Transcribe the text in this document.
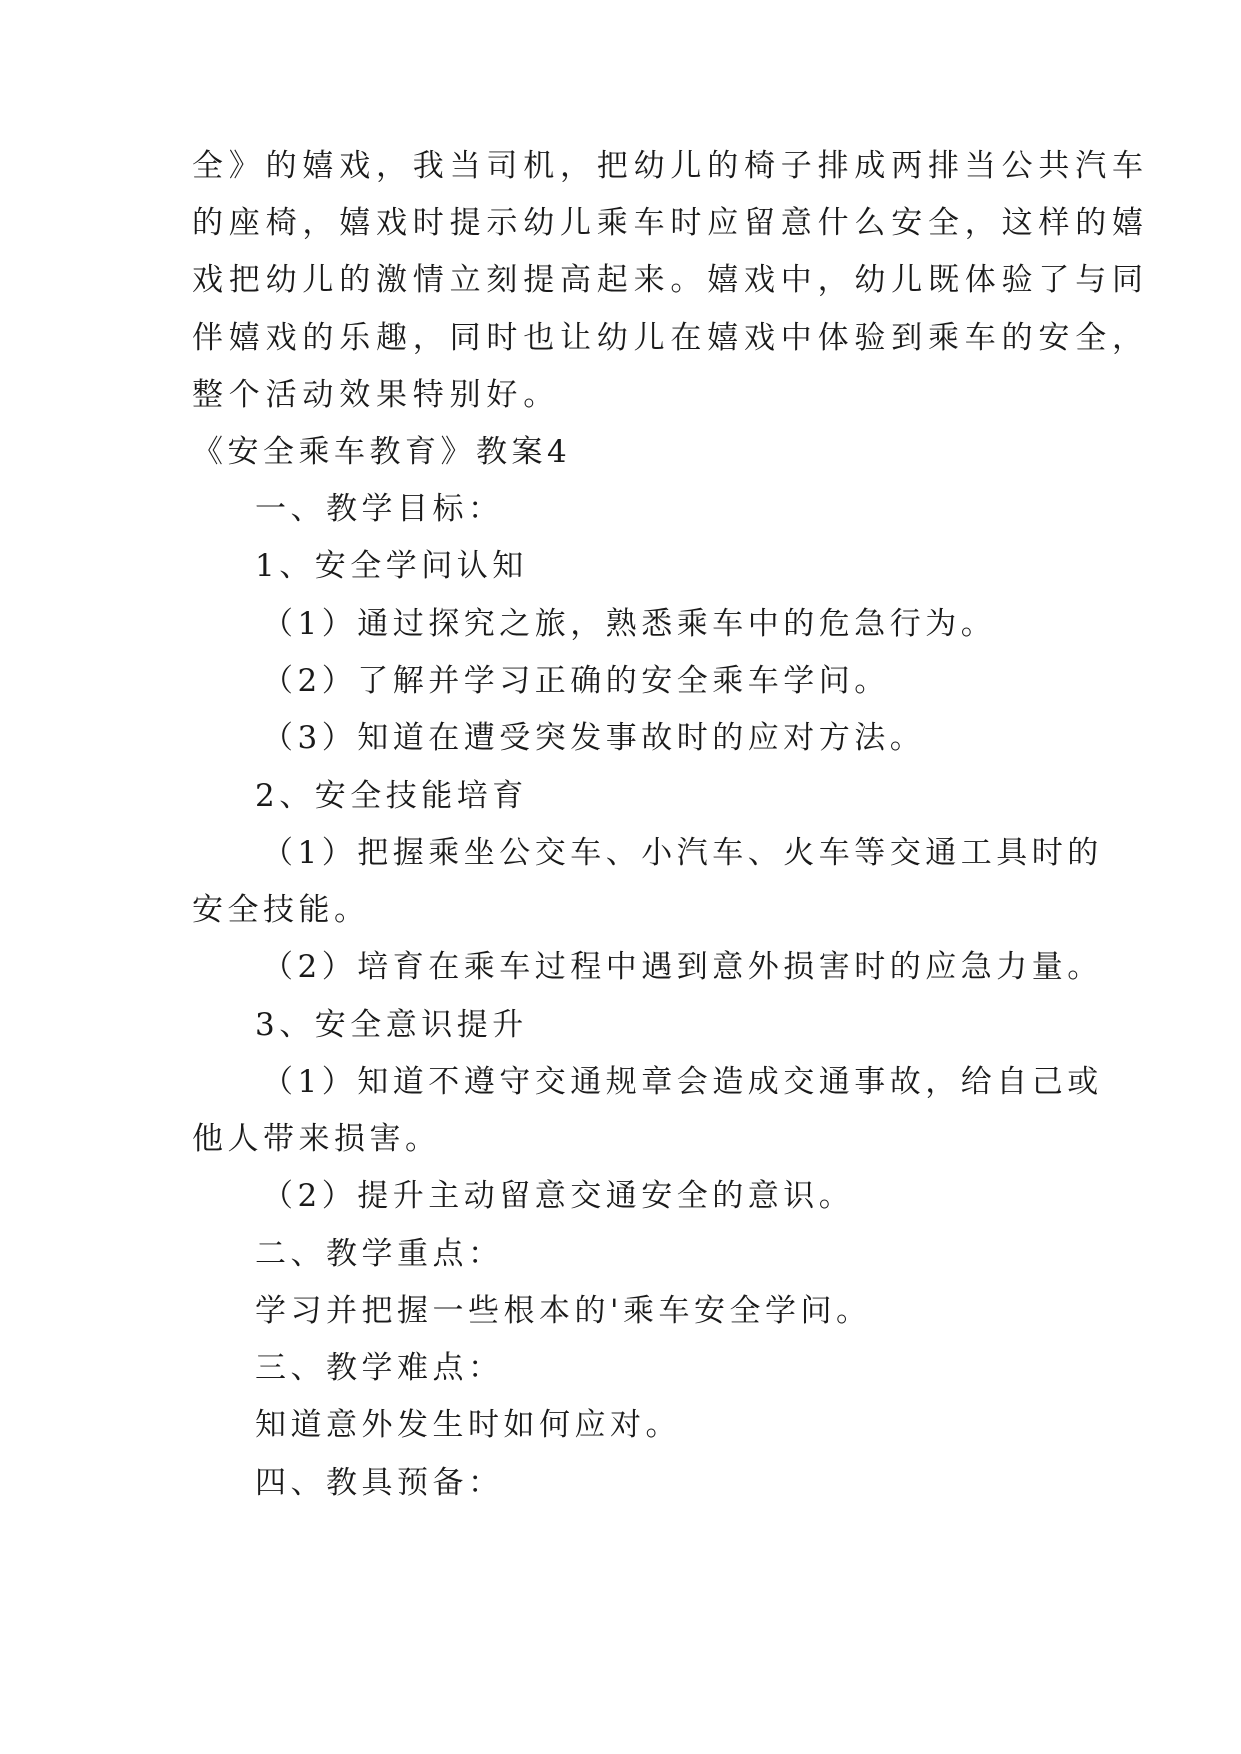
全》的嬉戏，我当司机，把幼儿的椅子排成两排当公共汽车
的座椅，嬉戏时提示幼儿乘车时应留意什么安全，这样的嬉
戏把幼儿的激情立刻提高起来。嬉戏中，幼儿既体验了与同
伴嬉戏的乐趣，同时也让幼儿在嬉戏中体验到乘车的安全，
整个活动效果特别好。
《安全乘车教育》教案4
一、教学目标：
1、安全学问认知
（1）通过探究之旅，熟悉乘车中的危急行为。
（2）了解并学习正确的安全乘车学问。
（3）知道在遭受突发事故时的应对方法。
2、安全技能培育
（1）把握乘坐公交车、小汽车、火车等交通工具时的
安全技能。
（2）培育在乘车过程中遇到意外损害时的应急力量。
3、安全意识提升
（1）知道不遵守交通规章会造成交通事故，给自己或
他人带来损害。
（2）提升主动留意交通安全的意识。
二、教学重点：
学习并把握一些根本的'乘车安全学问。
三、教学难点：
知道意外发生时如何应对。
四、教具预备：
